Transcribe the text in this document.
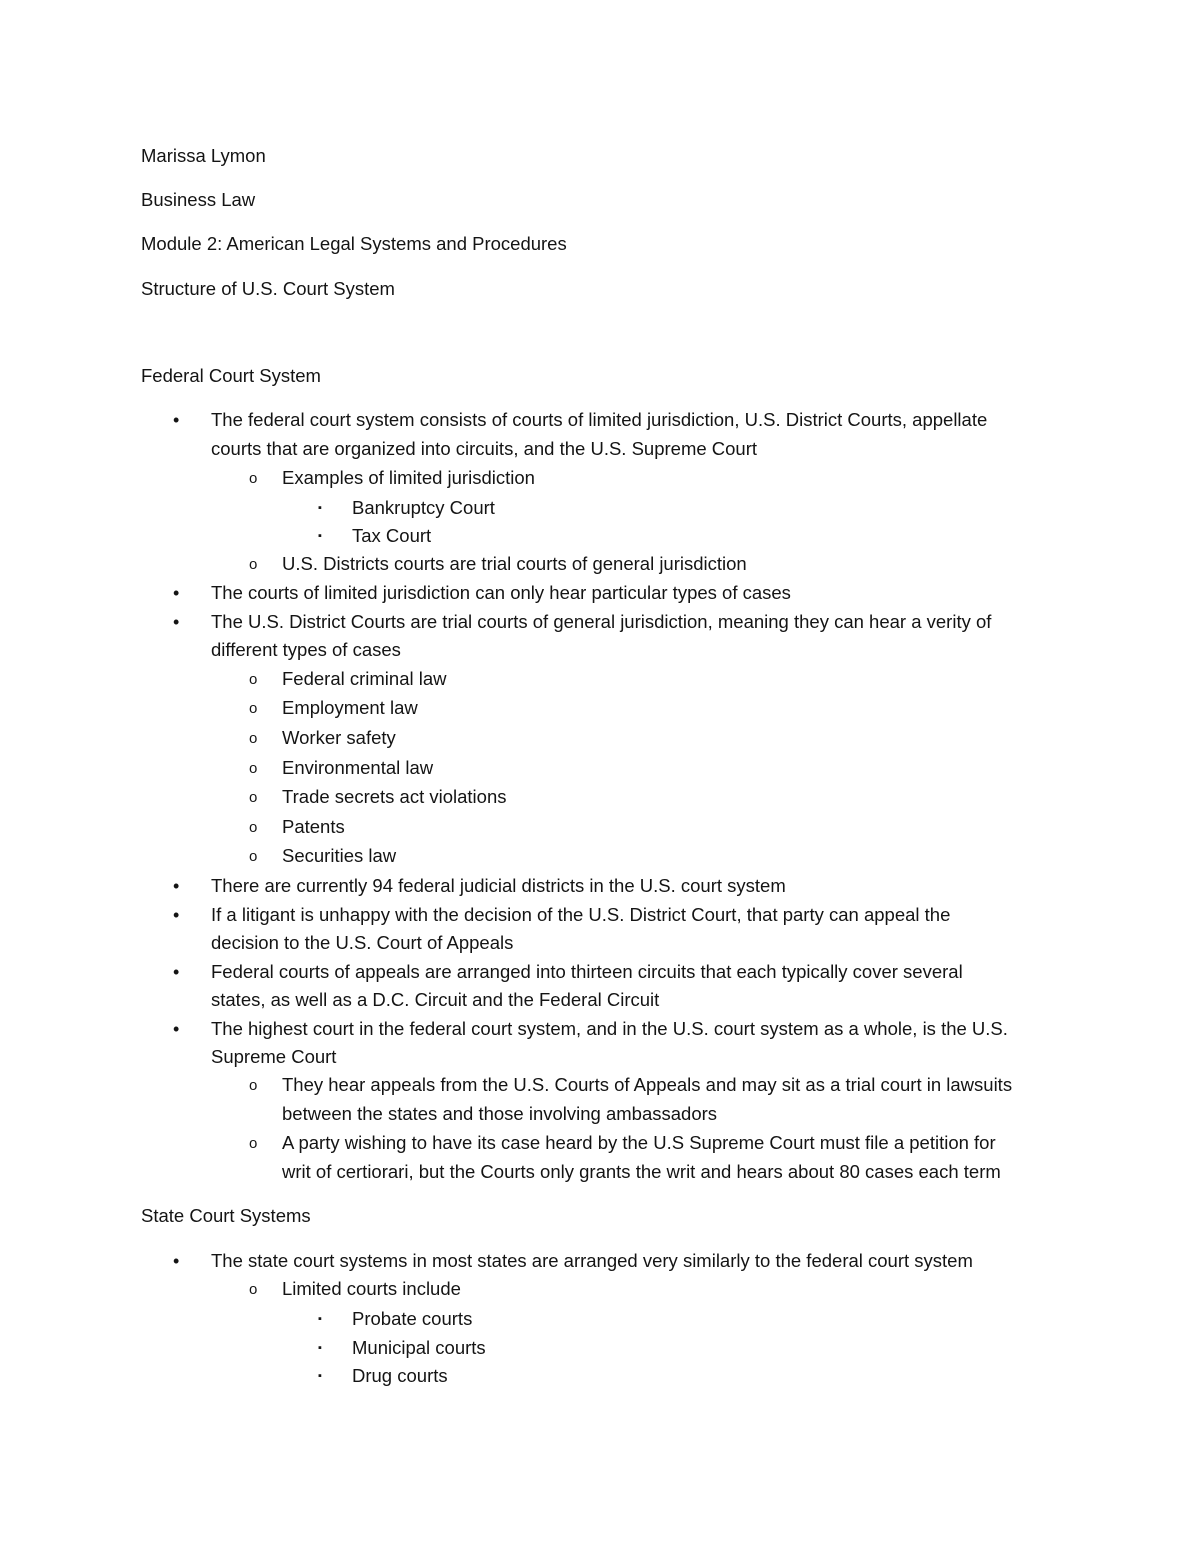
Marissa Lymon
Business Law
Module 2: American Legal Systems and Procedures
Structure of U.S. Court System
Federal Court System
• The federal court system consists of courts of limited jurisdiction, U.S. District Courts, appellate
courts that are organized into circuits, and the U.S. Supreme Court
o Examples of limited jurisdiction
▪ Bankruptcy Court
▪ Tax Court
o U.S. Districts courts are trial courts of general jurisdiction
• The courts of limited jurisdiction can only hear particular types of cases
• The U.S. District Courts are trial courts of general jurisdiction, meaning they can hear a verity of
different types of cases
o Federal criminal law
o Employment law
o Worker safety
o Environmental law
o Trade secrets act violations
o Patents
o Securities law
• There are currently 94 federal judicial districts in the U.S. court system
• If a litigant is unhappy with the decision of the U.S. District Court, that party can appeal the
decision to the U.S. Court of Appeals
• Federal courts of appeals are arranged into thirteen circuits that each typically cover several
states, as well as a D.C. Circuit and the Federal Circuit
• The highest court in the federal court system, and in the U.S. court system as a whole, is the U.S.
Supreme Court
o They hear appeals from the U.S. Courts of Appeals and may sit as a trial court in lawsuits
between the states and those involving ambassadors
o A party wishing to have its case heard by the U.S Supreme Court must file a petition for
writ of certiorari, but the Courts only grants the writ and hears about 80 cases each term
State Court Systems
• The state court systems in most states are arranged very similarly to the federal court system
o Limited courts include
▪ Probate courts
▪ Municipal courts
▪ Drug courts
